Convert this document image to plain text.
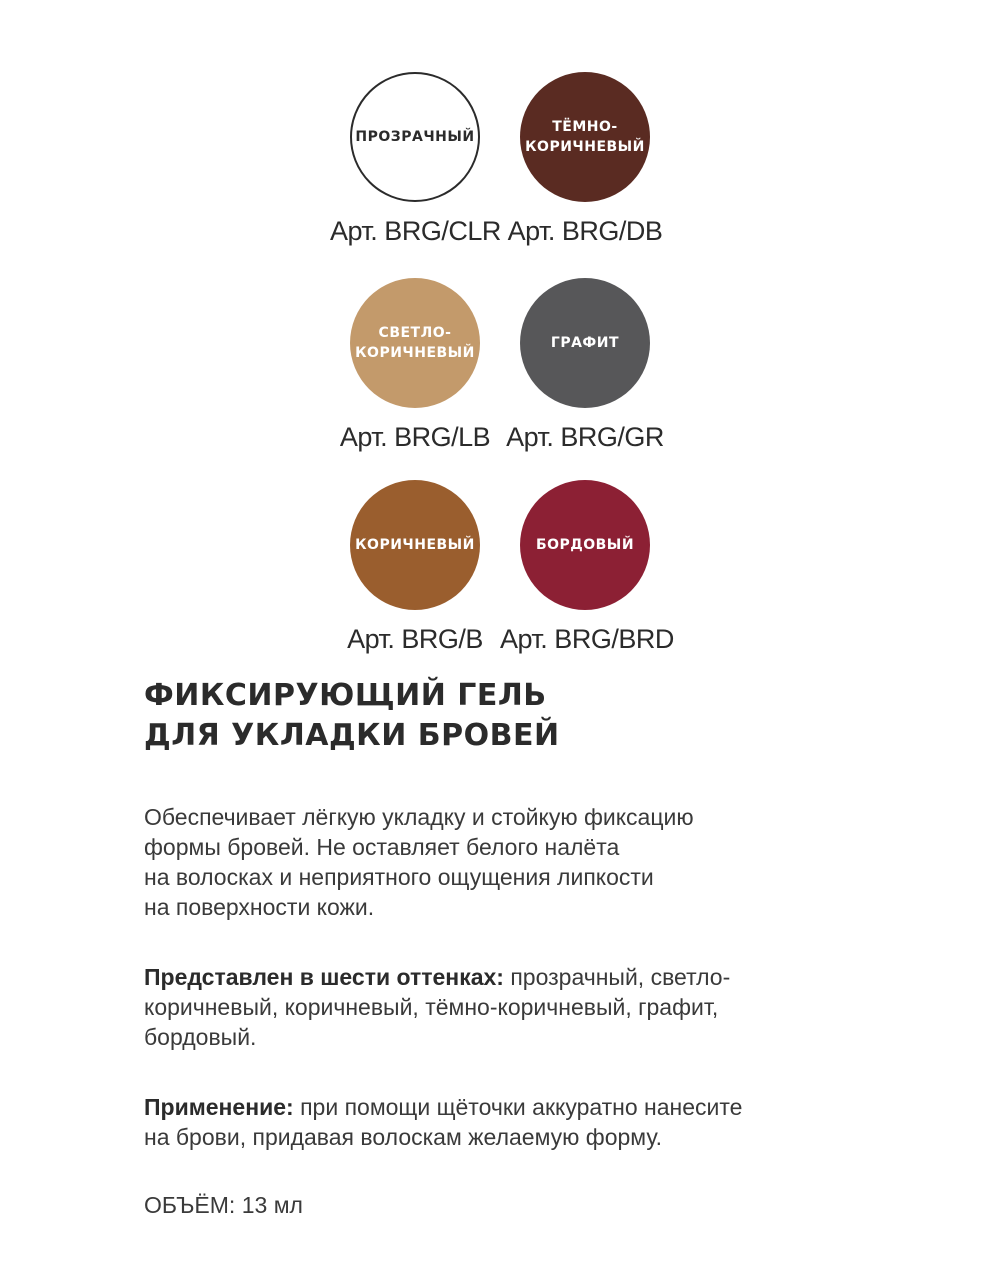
ПРОЗРАЧНЫЙ
Арт. BRG/CLR
ТЁМНО-КОРИЧНЕВЫЙ
Арт. BRG/DB
СВЕТЛО-КОРИЧНЕВЫЙ
Арт. BRG/LB
ГРАФИТ
Арт. BRG/GR
КОРИЧНЕВЫЙ
Арт. BRG/B
БОРДОВЫЙ
Арт. BRG/BRD
ФИКСИРУЮЩИЙ ГЕЛЬ
ДЛЯ УКЛАДКИ БРОВЕЙ

Обеспечивает лёгкую укладку и стойкую фиксацию
формы бровей. Не оставляет белого налёта
на волосках и неприятного ощущения липкости
на поверхности кожи.

Представлен в шести оттенках: прозрачный, светло-
коричневый, коричневый, тёмно-коричневый, графит,
бордовый.

Применение: при помощи щёточки аккуратно нанесите
на брови, придавая волоскам желаемую форму.

ОБЪЁМ: 13 мл
